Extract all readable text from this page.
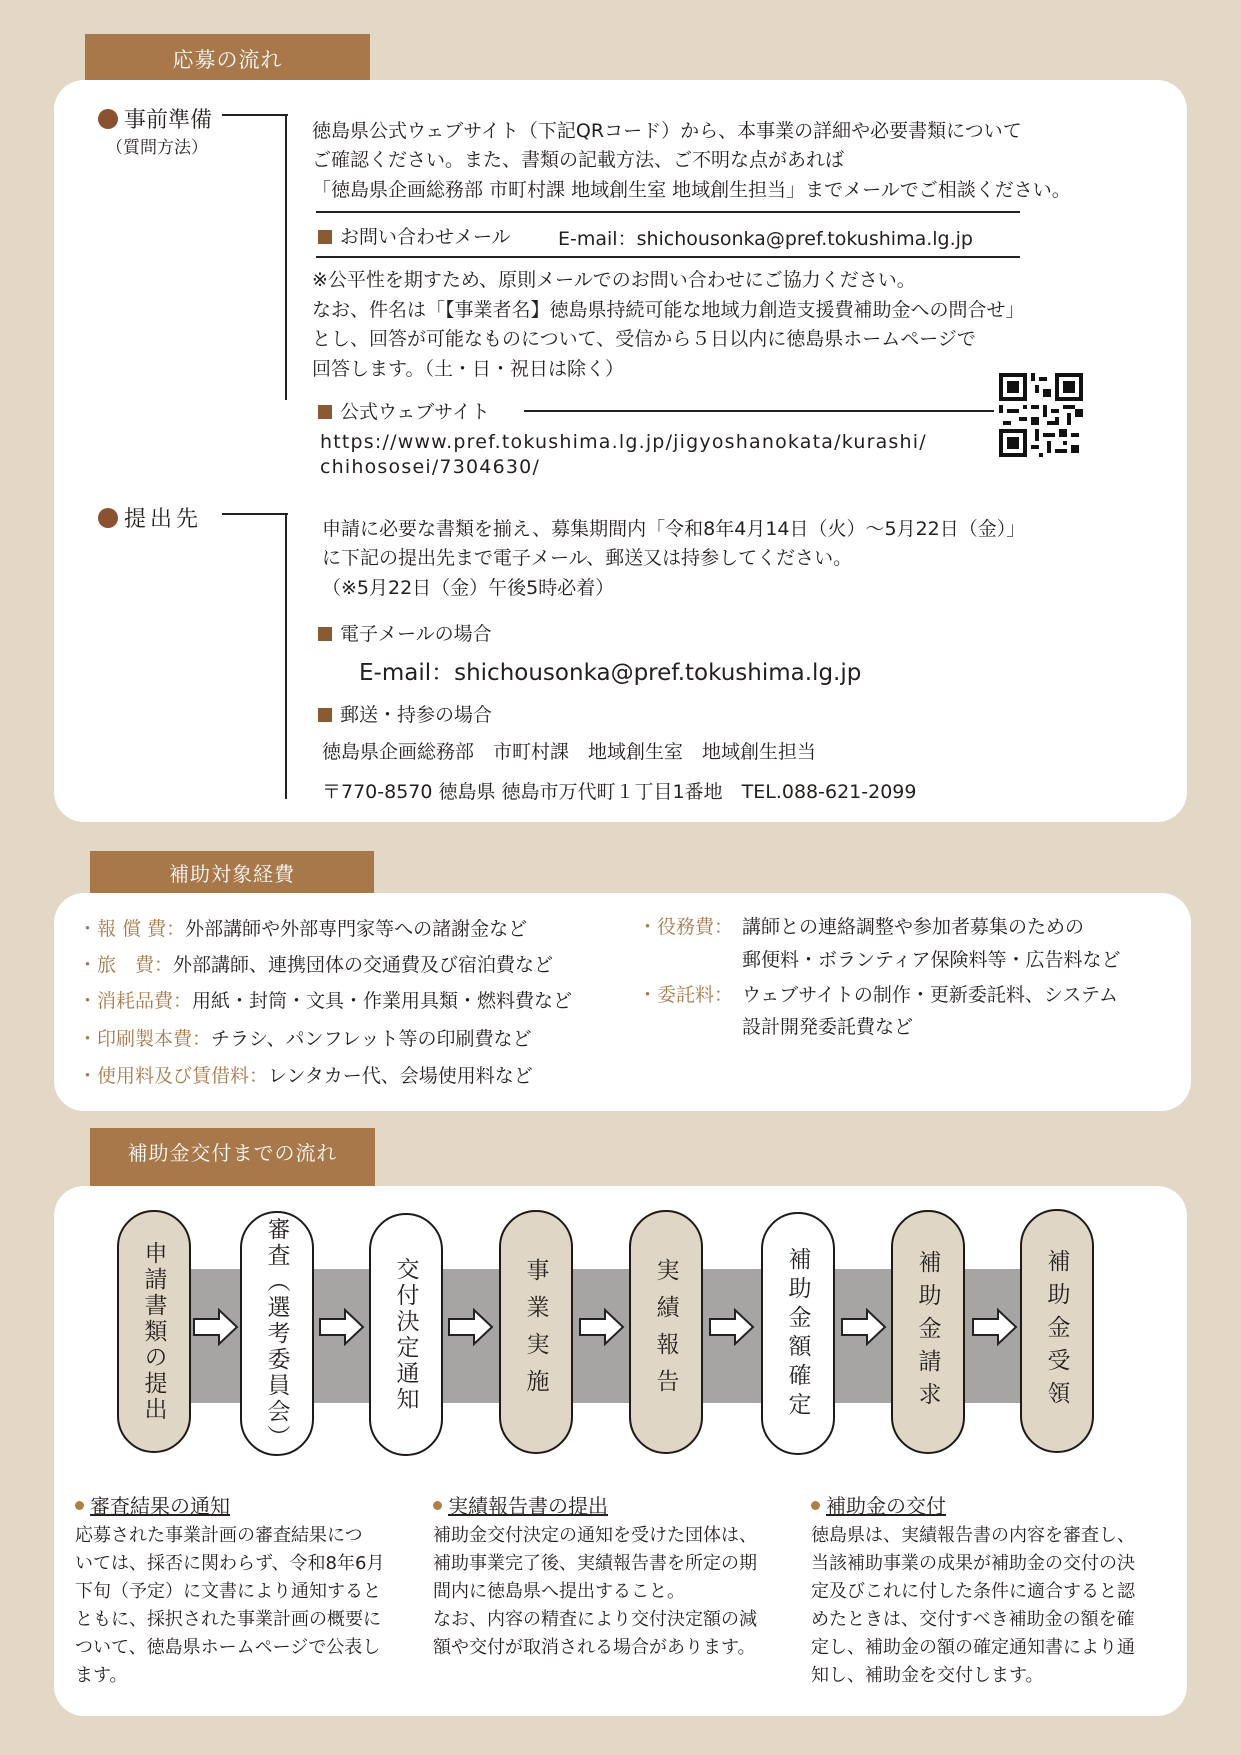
応募の流れ
事前準備
（質問方法）
徳島県公式ウェブサイト（下記QRコード）から、本事業の詳細や必要書類について
ご確認ください。また、書類の記載方法、ご不明な点があれば
「徳島県企画総務部 市町村課 地域創生室 地域創生担当」までメールでご相談ください。
お問い合わせメール E-mail：shichousonka@pref.tokushima.lg.jp
※公平性を期すため、原則メールでのお問い合わせにご協力ください。
なお、件名は「【事業者名】徳島県持続可能な地域力創造支援費補助金への問合せ」
とし、回答が可能なものについて、受信から５日以内に徳島県ホームページで
回答します。（土・日・祝日は除く）
公式ウェブサイト
https://www.pref.tokushima.lg.jp/jigyoshanokata/kurashi/
chihososei/7304630/
提出先	申請に必要な書類を揃え、募集期間内「令和8年4月14日（火）～5月22日（金）」
に下記の提出先まで電子メール、郵送又は持参してください。
（※5月22日（金）午後5時必着）
電子メールの場合
E-mail：shichousonka@pref.tokushima.lg.jp
郵送・持参の場合
徳島県企画総務部　市町村課　地域創生室　地域創生担当
〒770-8570 徳島県 徳島市万代町１丁目1番地　TEL.088-621-2099
補助対象経費
・報 償 費：外部講師や外部専門家等への諸謝金など
・旅　費：外部講師、連携団体の交通費及び宿泊費など
・消耗品費：用紙・封筒・文具・作業用具類・燃料費など
・印刷製本費：チラシ、パンフレット等の印刷費など
・使用料及び賃借料：レンタカー代、会場使用料など
・役務費： 講師との連絡調整や参加者募集のための
郵便料・ボランティア保険料等・広告料など
・委託料： ウェブサイトの制作・更新委託料、システム
設計開発委託費など
補助金交付までの流れ
申請書類の提出	審査（選考委員会）	交付決定通知	事業実施	実績報告	補助金額確定	補助金請求	補助金受領
審査結果の通知
応募された事業計画の審査結果につ
いては、採否に関わらず、令和8年6月
下旬（予定）に文書により通知すると
ともに、採択された事業計画の概要に
ついて、徳島県ホームページで公表し
ます。
実績報告書の提出
補助金交付決定の通知を受けた団体は、
補助事業完了後、実績報告書を所定の期
間内に徳島県へ提出すること。
なお、内容の精査により交付決定額の減
額や交付が取消される場合があります。
補助金の交付
徳島県は、実績報告書の内容を審査し、
当該補助事業の成果が補助金の交付の決
定及びこれに付した条件に適合すると認
めたときは、交付すべき補助金の額を確
定し、補助金の額の確定通知書により通
知し、補助金を交付します。
